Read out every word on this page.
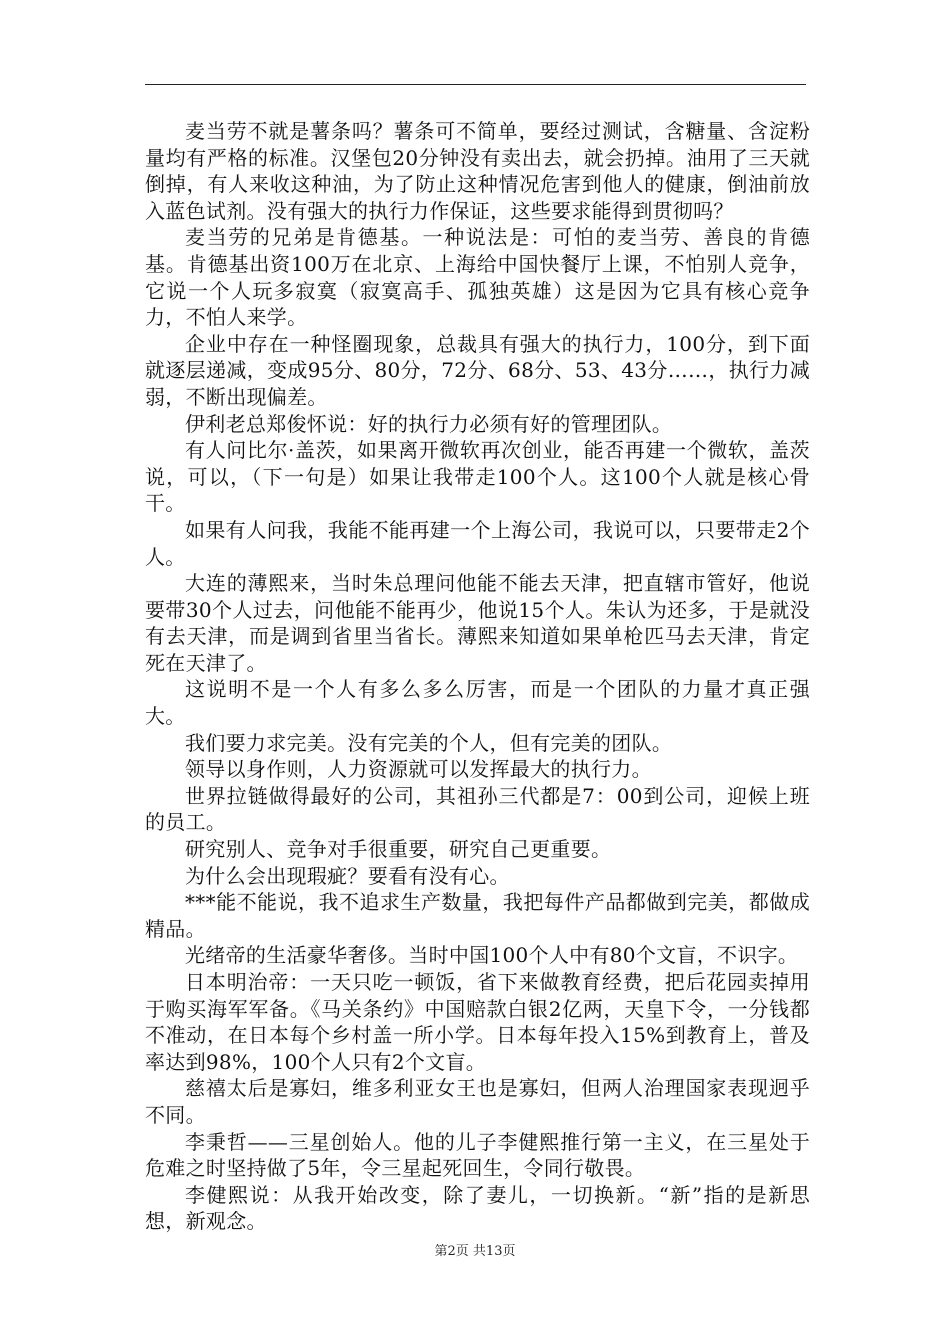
麦当劳不就是薯条吗？薯条可不简单，要经过测试，含糖量、含淀粉量均有严格的标准。汉堡包20分钟没有卖出去，就会扔掉。油用了三天就倒掉，有人来收这种油，为了防止这种情况危害到他人的健康，倒油前放入蓝色试剂。没有强大的执行力作保证，这些要求能得到贯彻吗？

麦当劳的兄弟是肯德基。一种说法是：可怕的麦当劳、善良的肯德基。肯德基出资100万在北京、上海给中国快餐厅上课，不怕别人竞争，它说一个人玩多寂寞（寂寞高手、孤独英雄）这是因为它具有核心竞争力，不怕人来学。

企业中存在一种怪圈现象，总裁具有强大的执行力，100分，到下面就逐层递减，变成95分、80分，72分、68分、53、43分……，执行力减弱，不断出现偏差。

伊利老总郑俊怀说：好的执行力必须有好的管理团队。

有人问比尔·盖茨，如果离开微软再次创业，能否再建一个微软，盖茨说，可以，（下一句是）如果让我带走100个人。这100个人就是核心骨干。

如果有人问我，我能不能再建一个上海公司，我说可以，只要带走2个人。

大连的薄熙来，当时朱总理问他能不能去天津，把直辖市管好，他说要带30个人过去，问他能不能再少，他说15个人。朱认为还多，于是就没有去天津，而是调到省里当省长。薄熙来知道如果单枪匹马去天津，肯定死在天津了。

这说明不是一个人有多么多么厉害，而是一个团队的力量才真正强大。

我们要力求完美。没有完美的个人，但有完美的团队。

领导以身作则，人力资源就可以发挥最大的执行力。

世界拉链做得最好的公司，其祖孙三代都是7：00到公司，迎候上班的员工。

研究别人、竞争对手很重要，研究自己更重要。

为什么会出现瑕疵？要看有没有心。

***能不能说，我不追求生产数量，我把每件产品都做到完美，都做成精品。

光绪帝的生活豪华奢侈。当时中国100个人中有80个文盲，不识字。

日本明治帝：一天只吃一顿饭，省下来做教育经费，把后花园卖掉用于购买海军军备。《马关条约》中国赔款白银2亿两，天皇下令，一分钱都不准动，在日本每个乡村盖一所小学。日本每年投入15%到教育上，普及率达到98%，100个人只有2个文盲。

慈禧太后是寡妇，维多利亚女王也是寡妇，但两人治理国家表现迥乎不同。

李秉哲——三星创始人。他的儿子李健熙推行第一主义，在三星处于危难之时坚持做了5年，令三星起死回生，令同行敬畏。

李健熙说：从我开始改变，除了妻儿，一切换新。“新”指的是新思想，新观念。

第2页 共13页
